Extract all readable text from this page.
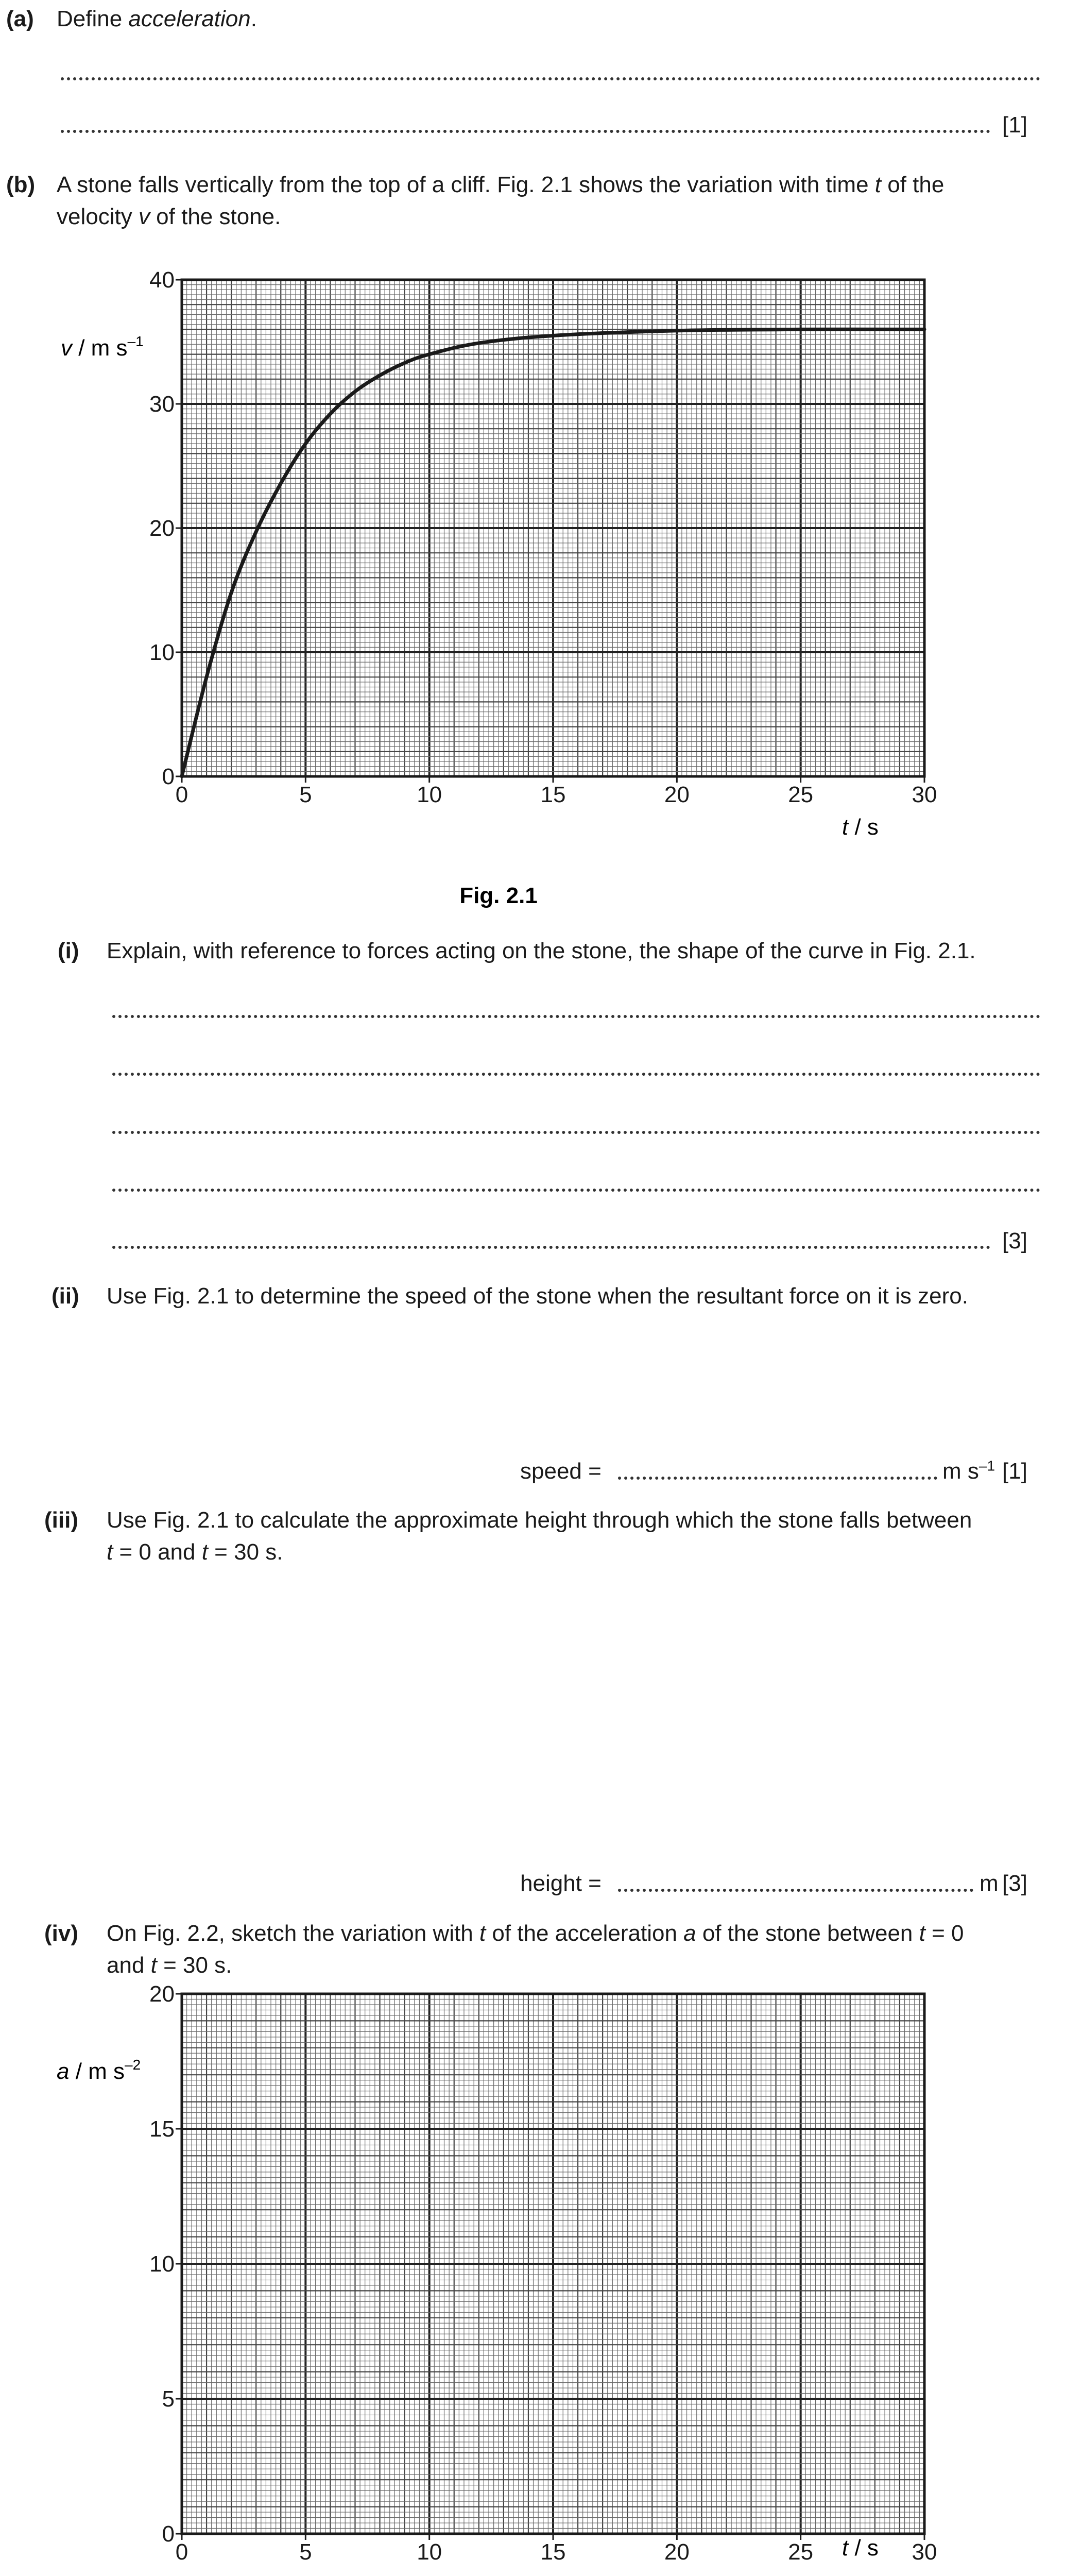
(a) Define acceleration.
[1]
(b) A stone falls vertically from the top of a cliff. Fig. 2.1 shows the variation with time t of the
velocity v of the stone.
0	5	10	15	20	25	30
0
10
20
30
40
v / m $s^{-1}$
t / s
Fig. 2.1
(i) Explain, with reference to forces acting on the stone, the shape of the curve in Fig. 2.1.
[3]
(ii) Use Fig. 2.1 to determine the speed of the stone when the resultant force on it is zero.
speed =	m $s^{-1}$ [1]
(iii) Use Fig. 2.1 to calculate the approximate height through which the stone falls between
t = 0 and t = 30 s.
height =	m [3]
(iv) On Fig. 2.2, sketch the variation with t of the acceleration a of the stone between t = 0
and t = 30 s.
0	5	10	15	20	25	30
0
5
10
15
20
a / m $s^{-2}$
t / s
